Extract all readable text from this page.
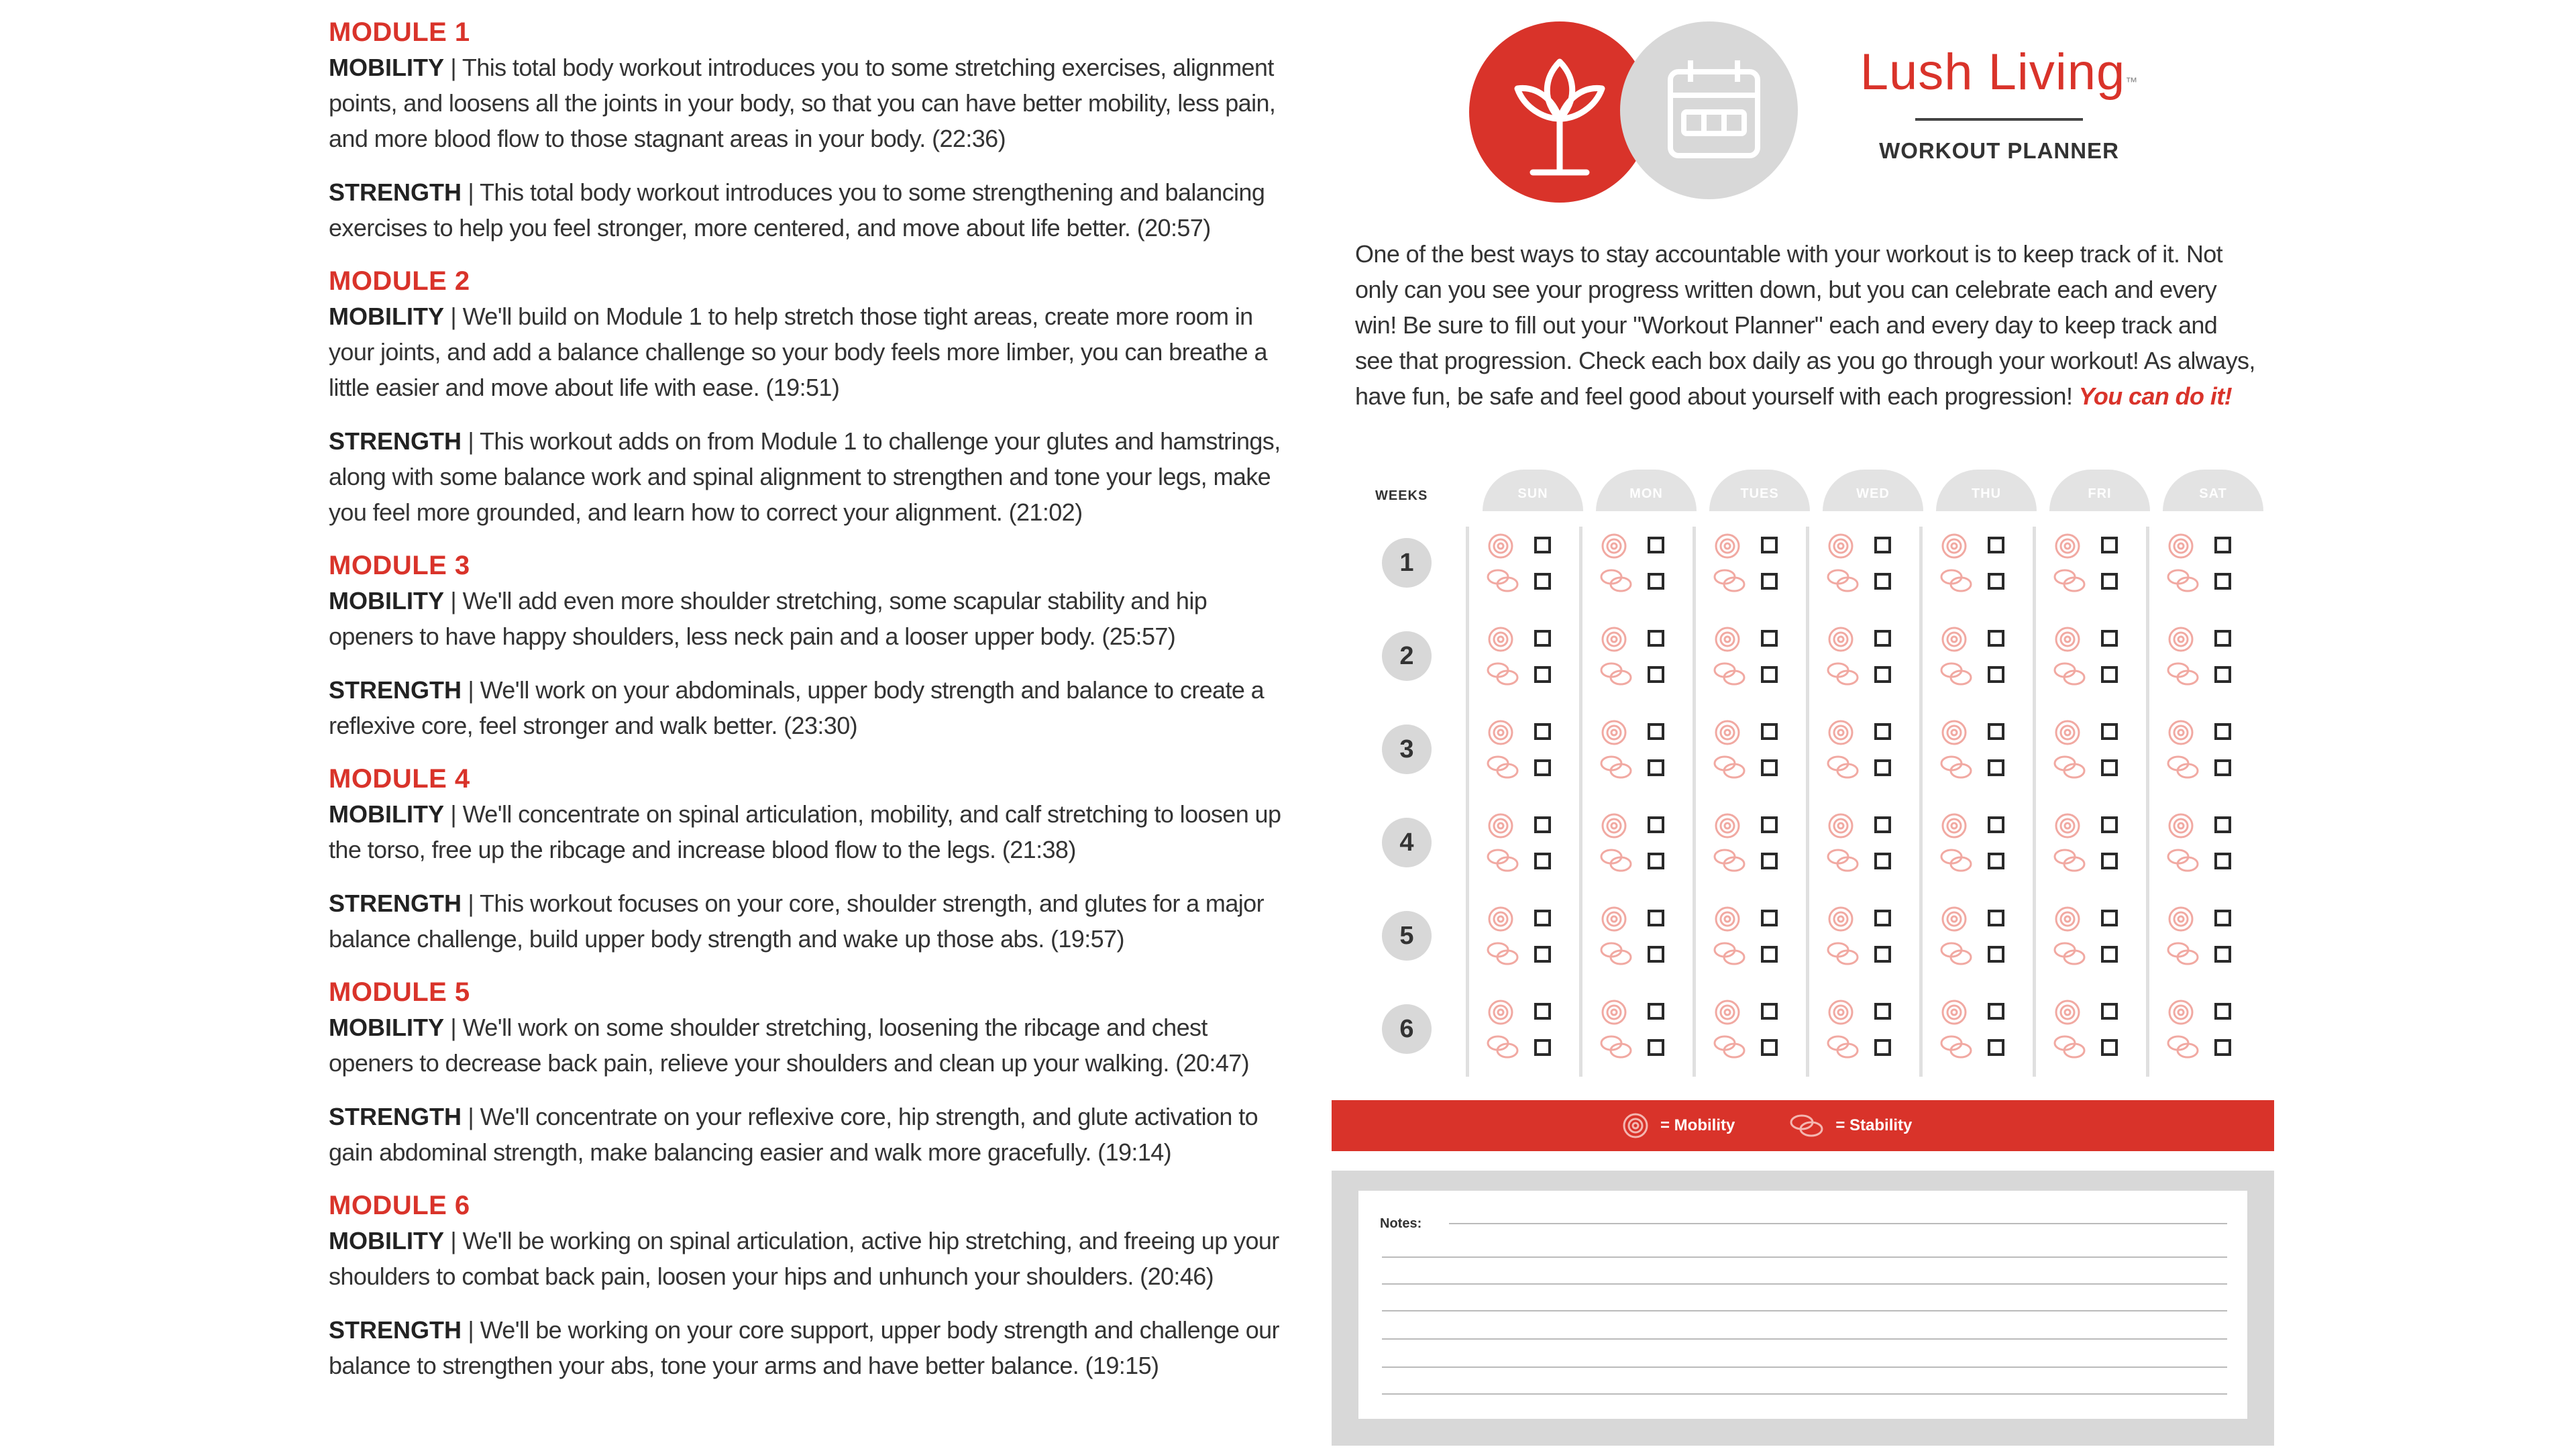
MODULE 1

MOBILITY | This total body workout introduces you to some stretching exercises, alignment points, and loosens all the joints in your body, so that you can have better mobility, less pain, and more blood flow to those stagnant areas in your body. (22:36)

STRENGTH | This total body workout introduces you to some strengthening and balancing exercises to help you feel stronger, more centered, and move about life better. (20:57)

MODULE 2

MOBILITY | We'll build on Module 1 to help stretch those tight areas, create more room in your joints, and add a balance challenge so your body feels more limber, you can breathe a little easier and move about life with ease. (19:51)

STRENGTH | This workout adds on from Module 1 to challenge your glutes and hamstrings, along with some balance work and spinal alignment to strengthen and tone your legs, make you feel more grounded, and learn how to correct your alignment. (21:02)

MODULE 3

MOBILITY | We'll add even more shoulder stretching, some scapular stability and hip openers to have happy shoulders, less neck pain and a looser upper body. (25:57)

STRENGTH | We'll work on your abdominals, upper body strength and balance to create a reflexive core, feel stronger and walk better. (23:30)

MODULE 4

MOBILITY | We'll concentrate on spinal articulation, mobility, and calf stretching to loosen up the torso, free up the ribcage and increase blood flow to the legs. (21:38)

STRENGTH | This workout focuses on your core, shoulder strength, and glutes for a major balance challenge, build upper body strength and wake up those abs. (19:57)

MODULE 5

MOBILITY | We'll work on some shoulder stretching, loosening the ribcage and chest openers to decrease back pain, relieve your shoulders and clean up your walking. (20:47)

STRENGTH | We'll concentrate on your reflexive core, hip strength, and glute activation to gain abdominal strength, make balancing easier and walk more gracefully. (19:14)

MODULE 6

MOBILITY | We'll be working on spinal articulation, active hip stretching, and freeing up your shoulders to combat back pain, loosen your hips and unhunch your shoulders. (20:46)

STRENGTH | We'll be working on your core support, upper body strength and challenge our balance to strengthen your abs, tone your arms and have better balance. (19:15)

Lush Living™
WORKOUT PLANNER

One of the best ways to stay accountable with your workout is to keep track of it. Not only can you see your progress written down, but you can celebrate each and every win! Be sure to fill out your "Workout Planner" each and every day to keep track and see that progression. Check each box daily as you go through your workout! As always, have fun, be safe and feel good about yourself with each progression! You can do it!

WEEKS	SUN	MON	TUES	WED	THU	FRI	SAT
1
2
3
4
5
6
= Mobility	= Stability
Notes:
